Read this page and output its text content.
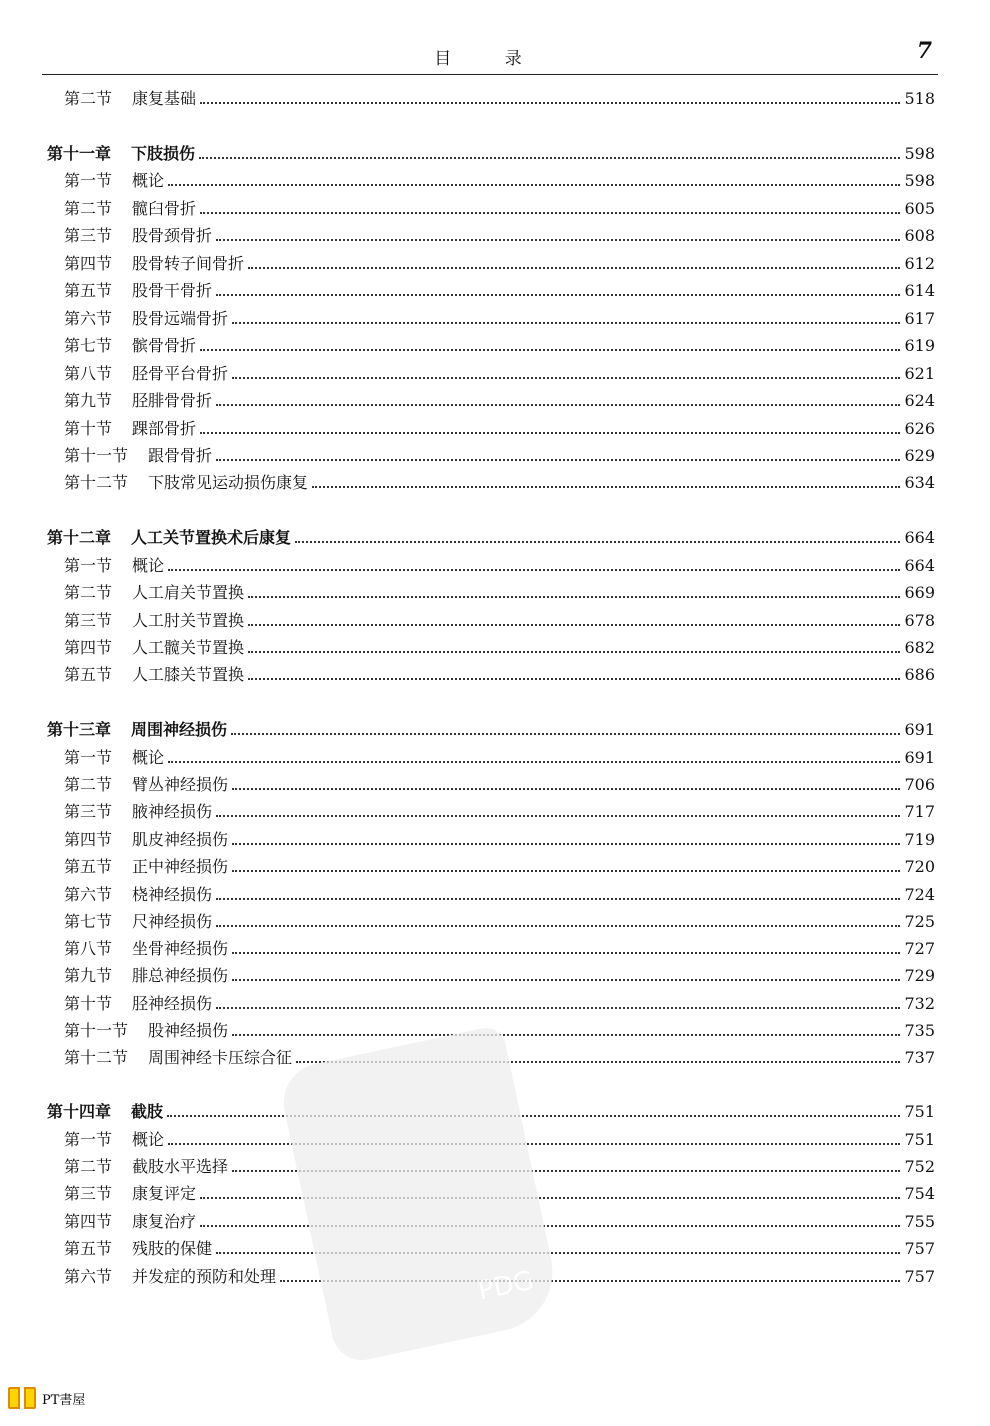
目 录	7
第二节 康复基础	518
第十一章 下肢损伤	598
第一节 概论	598
第二节 髋臼骨折	605
第三节 股骨颈骨折	608
第四节 股骨转子间骨折	612
第五节 股骨干骨折	614
第六节 股骨远端骨折	617
第七节 髌骨骨折	619
第八节 胫骨平台骨折	621
第九节 胫腓骨骨折	624
第十节 踝部骨折	626
第十一节 跟骨骨折	629
第十二节 下肢常见运动损伤康复	634
第十二章 人工关节置换术后康复	664
第一节 概论	664
第二节 人工肩关节置换	669
第三节 人工肘关节置换	678
第四节 人工髋关节置换	682
第五节 人工膝关节置换	686
第十三章 周围神经损伤	691
第一节 概论	691
第二节 臂丛神经损伤	706
第三节 腋神经损伤	717
第四节 肌皮神经损伤	719
第五节 正中神经损伤	720
第六节 桡神经损伤	724
第七节 尺神经损伤	725
第八节 坐骨神经损伤	727
第九节 腓总神经损伤	729
第十节 胫神经损伤	732
第十一节 股神经损伤	735
第十二节 周围神经卡压综合征	737
第十四章 截肢	751
第一节 概论	751
第二节 截肢水平选择	752
第三节 康复评定	754
第四节 康复治疗	755
第五节 残肢的保健	757
第六节 并发症的预防和处理	757
PDG
PT書屋
